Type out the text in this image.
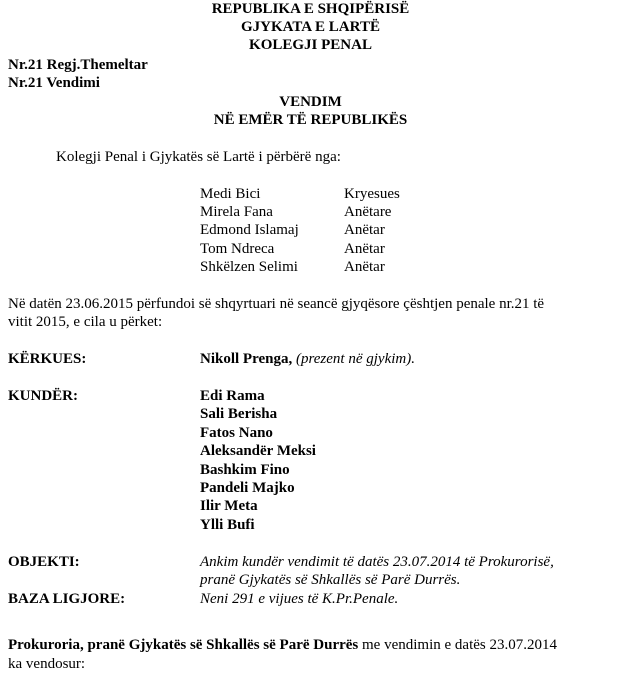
REPUBLIKA E SHQIPËRISË
GJYKATA E LARTË
KOLEGJI PENAL
Nr.21 Regj.Themeltar
Nr.21 Vendimi
VENDIM
NË EMËR TË REPUBLIKËS
Kolegji Penal i Gjykatës së Lartë i përbërë nga:
Medi Bici	Kryesues
Mirela Fana	Anëtare
Edmond Islamaj	Anëtar
Tom Ndreca	Anëtar
Shkëlzen Selimi	Anëtar
Në datën 23.06.2015 përfundoi së shqyrtuari në seancë gjyqësore çështjen penale nr.21 të
vitit 2015, e cila u përket:
KËRKUES:	Nikoll Prenga, (prezent në gjykim).
KUNDËR:	Edi Rama
Sali Berisha
Fatos Nano
Aleksandër Meksi
Bashkim Fino
Pandeli Majko
Ilir Meta
Ylli Bufi
OBJEKTI:	Ankim kundër vendimit të datës 23.07.2014 të Prokurorisë,
pranë Gjykatës së Shkallës së Parë Durrës.
BAZA LIGJORE:	Neni 291 e vijues të K.Pr.Penale.
Prokuroria, pranë Gjykatës së Shkallës së Parë Durrës me vendimin e datës 23.07.2014
ka vendosur:
